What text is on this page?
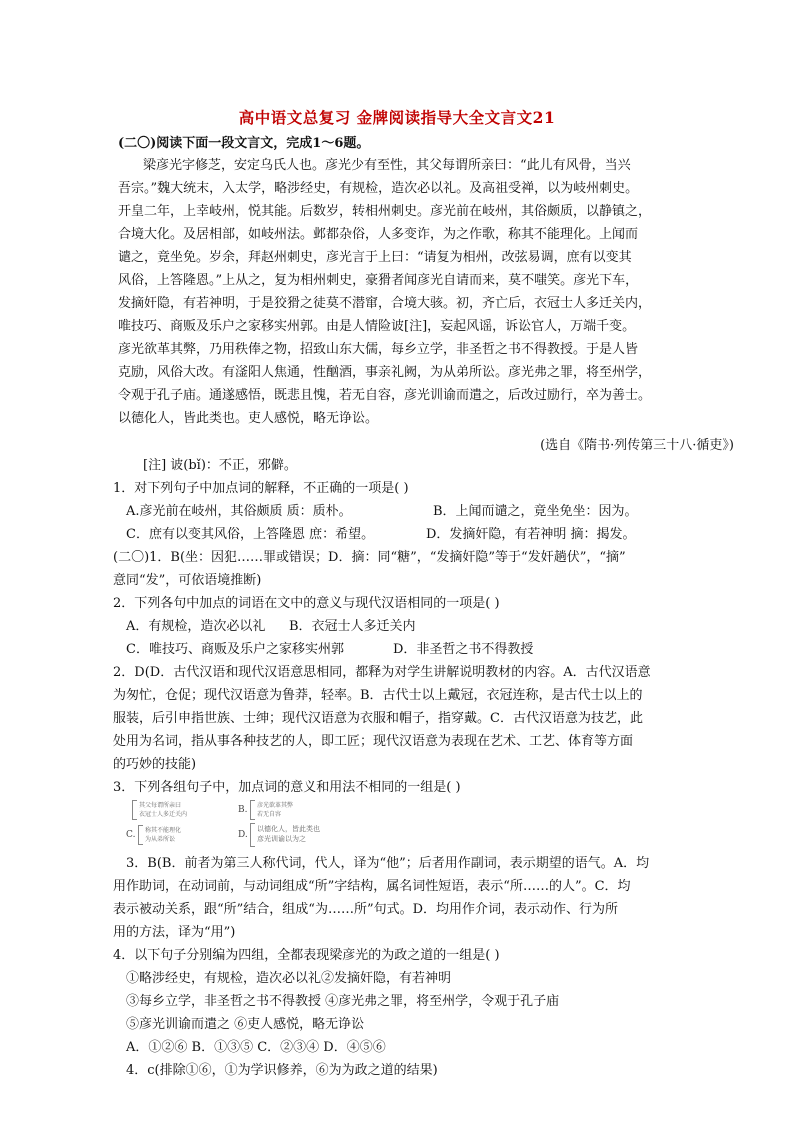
高中语文总复习 金牌阅读指导大全文言文21
(二〇)阅读下面一段文言文，完成1～6题。
梁彦光字修芝，安定乌氏人也。彦光少有至性，其父每谓所亲曰：“此儿有风骨，当兴
吾宗。”魏大统末，入太学，略涉经史，有规检，造次必以礼。及高祖受禅，以为岐州刺史。
开皇二年，上幸岐州，悦其能。后数岁，转相州刺史。彦光前在岐州，其俗颇质，以静镇之，
合境大化。及居相部，如岐州法。邺都杂俗，人多变诈，为之作歌，称其不能理化。上闻而
谴之，竟坐免。岁余，拜赵州刺史，彦光言于上曰：“请复为相州，改弦易调，庶有以变其
风俗，上答隆恩。”上从之，复为相州刺史，豪猾者闻彦光自请而来，莫不嗤笑。彦光下车，
发摘奸隐，有若神明，于是狡猾之徒莫不潜窜，合境大骇。初，齐亡后，衣冠士人多迁关内，
唯技巧、商贩及乐户之家移实州郭。由是人情险诐[注]，妄起风谣，诉讼官人，万端千变。
彦光欲革其弊，乃用秩俸之物，招致山东大儒，每乡立学，非圣哲之书不得教授。于是人皆
克励，风俗大改。有滏阳人焦通，性酗酒，事亲礼阙，为从弟所讼。彦光弗之罪，将至州学，
令观于孔子庙。通遂感悟，既悲且愧，若无自容，彦光训谕而遣之，后改过励行，卒为善士。
以德化人，皆此类也。吏人感悦，略无诤讼。
(选自《隋书·列传第三十八·循吏》)
[注] 诐(bǐ)：不正，邪僻。
1．对下列句子中加点词的解释，不正确的一项是( )
A.彦光前在岐州，其俗颇质 质：质朴。	B．上闻而谴之，竟坐免坐：因为。
C．庶有以变其风俗，上答隆恩 庶：希望。	D．发摘奸隐，有若神明 摘：揭发。
(二〇)1．B(坐：因犯……罪或错误；D．摘：同“糖”，“发摘奸隐”等于“发奸趟伏”，“摘”
意同“发”，可依语境推断)
2．下列各句中加点的词语在文中的意义与现代汉语相同的一项是( )
A．有规检，造次必以礼 B．衣冠士人多迁关内
C．唯技巧、商贩及乐户之家移实州郭	D．非圣哲之书不得教授
2．D(D．古代汉语和现代汉语意思相同，都释为对学生讲解说明教材的内容。A．古代汉语意
为匆忙，仓促；现代汉语意为鲁莽，轻率。B．古代士以上戴冠，衣冠连称，是古代士以上的
服装，后引申指世族、士绅；现代汉语意为衣服和帽子，指穿戴。C．古代汉语意为技艺，此
处用为名词，指从事各种技艺的人，即工匠；现代汉语意为表现在艺术、工艺、体育等方面
的巧妙的技能)
3．下列各组句子中，加点词的意义和用法不相同的一组是( )
其父每谓所亲曰
衣冠士人多迁关内	B. 彦光欲革其弊
若无自容
C. 称其不能理化
为从弟所讼	D.
以德化人，皆此类也
彦光训谕以为之
3．B(B．前者为第三人称代词，代人，译为“他”；后者用作副词，表示期望的语气。A．均
用作助词，在动词前，与动词组成“所”字结构，属名词性短语，表示“所……的人”。C．均
表示被动关系，跟“所”结合，组成“为……所”句式。D．均用作介词，表示动作、行为所
用的方法，译为“用”)
4．以下句子分别编为四组，全都表现梁彦光的为政之道的一组是( )
①略涉经史，有规检，造次必以礼②发摘奸隐，有若神明
③每乡立学，非圣哲之书不得教授 ④彦光弗之罪，将至州学，令观于孔子庙
⑤彦光训谕而遣之 ⑥吏人感悦，略无诤讼
A．①②⑥ B．①③⑤ C．②③④ D．④⑤⑥
4．c(排除①⑥，①为学识修养，⑥为为政之道的结果)
